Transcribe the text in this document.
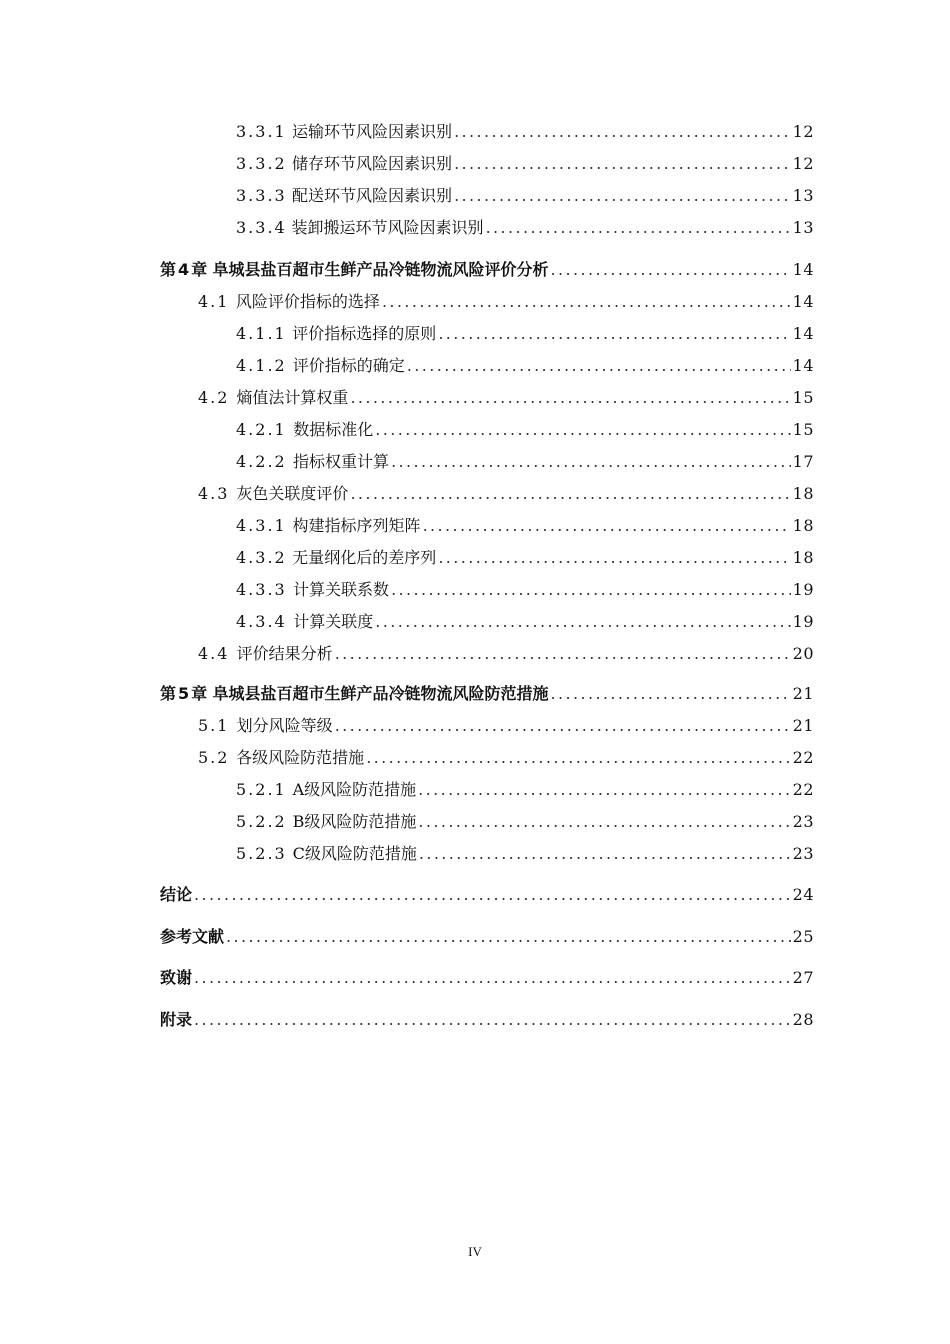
3.3.1 运输环节风险因素识别 .....	12
3.3.2 储存环节风险因素识别 .....	12
3.3.3 配送环节风险因素识别 .....	13
3.3.4 装卸搬运环节风险因素识别 .....	13
第4章 阜城县盐百超市生鲜产品冷链物流风险评价分析 .....	14
4.1 风险评价指标的选择 .....	14
4.1.1 评价指标选择的原则 .....	14
4.1.2 评价指标的确定 .....	14
4.2 熵值法计算权重 .....	15
4.2.1 数据标准化 .....	15
4.2.2 指标权重计算 .....	17
4.3 灰色关联度评价 .....	18
4.3.1 构建指标序列矩阵 .....	18
4.3.2 无量纲化后的差序列 .....	18
4.3.3 计算关联系数 .....	19
4.3.4 计算关联度 .....	19
4.4 评价结果分析 .....	20
第5章 阜城县盐百超市生鲜产品冷链物流风险防范措施 .....	21
5.1 划分风险等级 .....	21
5.2 各级风险防范措施 .....	22
5.2.1 A级风险防范措施 .....	22
5.2.2 B级风险防范措施 .....	23
5.2.3 C级风险防范措施 .....	23
结论 .....	24
参考文献 .....	25
致谢 .....	27
附录 .....	28
IV
